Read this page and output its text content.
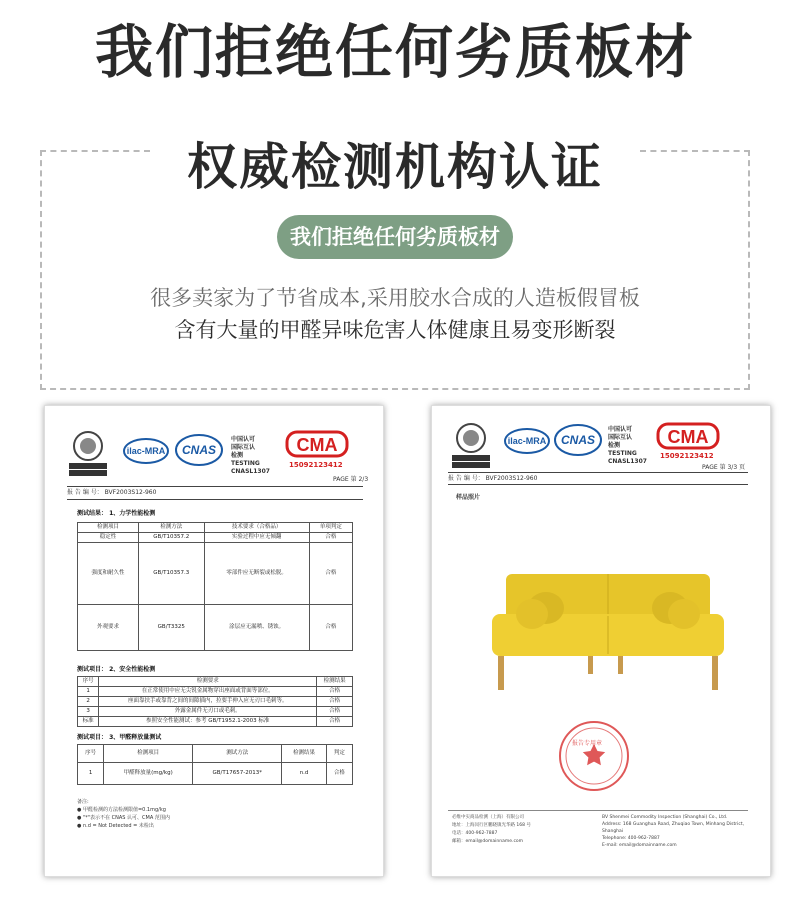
我们拒绝任何劣质板材
权威检测机构认证
我们拒绝任何劣质板材
很多卖家为了节省成本,采用胶水合成的人造板假冒板
含有大量的甲醛异味危害人体健康且易变形断裂
ilac-MRA CNAS
中国认可
国际互认
检测
TESTING
CNASL1307
CMA
15092123412
PAGE 第 2/3
报 告 编 号： BVF2003S12-960
测试结果： 1、力学性能检测
检测项目	检测方法	技术要求（合格品）	单项判定
稳定性	GB/T10357.2	实验过程中应无倾翻	合格
强度和耐久性	GB/T10357.3	零部件应无断裂或松脱。	合格
外观要求	GB/T3325	涂层应无漏喷、锈蚀。	合格
测试项目： 2、安全性能检测
序号	检测要求	检测结果
1	在正常使用中应无尖锐金属物穿出座面或背面等部位。	合格
2	座面靠扶手或靠背之间的间隙插内，拉要手伸入应无刃口毛刺等。	合格
3	外露金属件无刃口或毛刺。	合格
标准	参照安全性能测试：参考 GB/T1952.1-2003 标准	合格
测试项目： 3、甲醛释放量测试
序号	检测项目	测试方法	检测结果	判定
1	甲醛释放量(mg/kg)	GB/T17657-2013*	n.d	合格
备注:
● 甲醛检测的方法检测限值=0.1mg/kg
● "*"表示不在 CNAS 认可、CMA 范围内
● n.d = Not Detected = 未检出
ilac-MRA CNAS
中国认可
国际互认
检测
TESTING
CNASL1307
CMA
15092123412
PAGE 第 3/3 页
报 告 编 号： BVF2003S12-960
样品照片
报告专用章
必维中实商品检测（上海）有限公司
地址：上海闵行区鹏晓镇光华路 168 号
电话：400-962-7887
邮箱：email@domainname.com
BV Shenmei Commodity Inspection (Shanghai) Co., Ltd.
Address: 168 Guanghua Road, Zhuqiao Town, Minhang District, Shanghai
Telephone: 400-962-7887
E-mail: email@domainname.com
